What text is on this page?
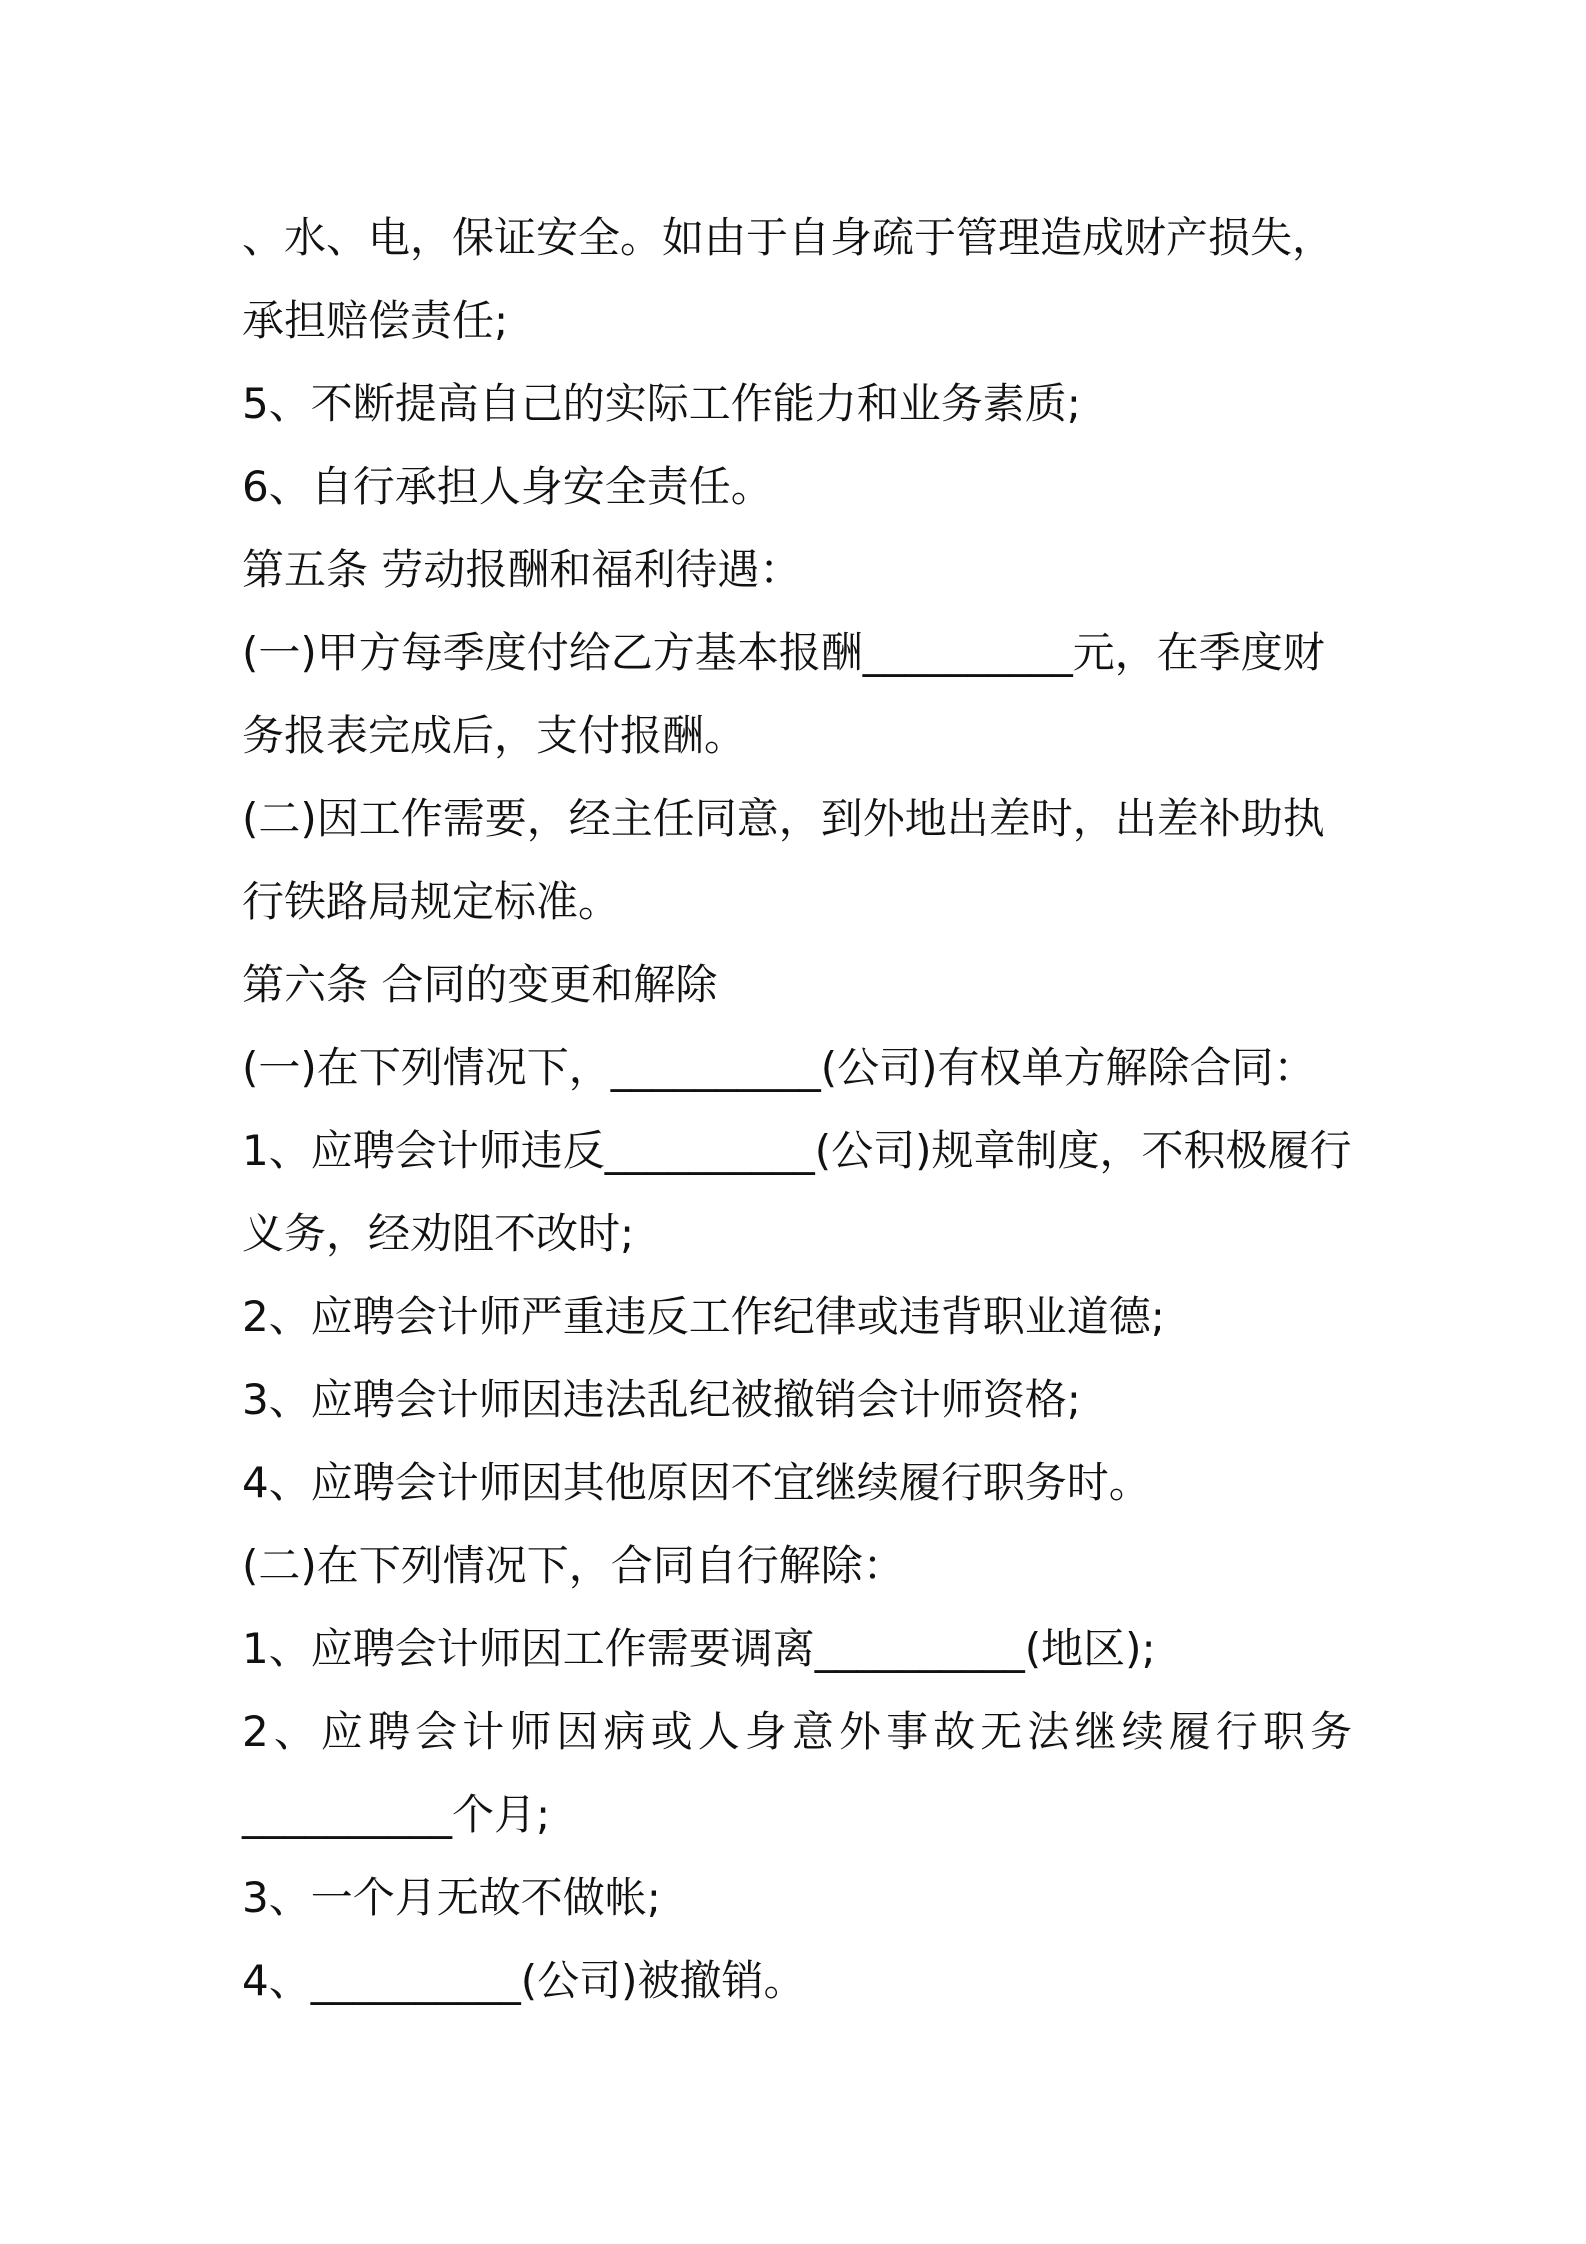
、水、电，保证安全。如由于自身疏于管理造成财产损失，
承担赔偿责任;
5、不断提高自己的实际工作能力和业务素质;
6、自行承担人身安全责任。
第五条 劳动报酬和福利待遇：
(一)甲方每季度付给乙方基本报酬__________元，在季度财
务报表完成后，支付报酬。
(二)因工作需要，经主任同意，到外地出差时，出差补助执
行铁路局规定标准。
第六条 合同的变更和解除
(一)在下列情况下，__________(公司)有权单方解除合同：
1、应聘会计师违反__________(公司)规章制度，不积极履行
义务，经劝阻不改时;
2、应聘会计师严重违反工作纪律或违背职业道德;
3、应聘会计师因违法乱纪被撤销会计师资格;
4、应聘会计师因其他原因不宜继续履行职务时。
(二)在下列情况下，合同自行解除：
1、应聘会计师因工作需要调离__________(地区);
2、应聘会计师因病或人身意外事故无法继续履行职务
__________个月;
3、一个月无故不做帐;
4、__________(公司)被撤销。
